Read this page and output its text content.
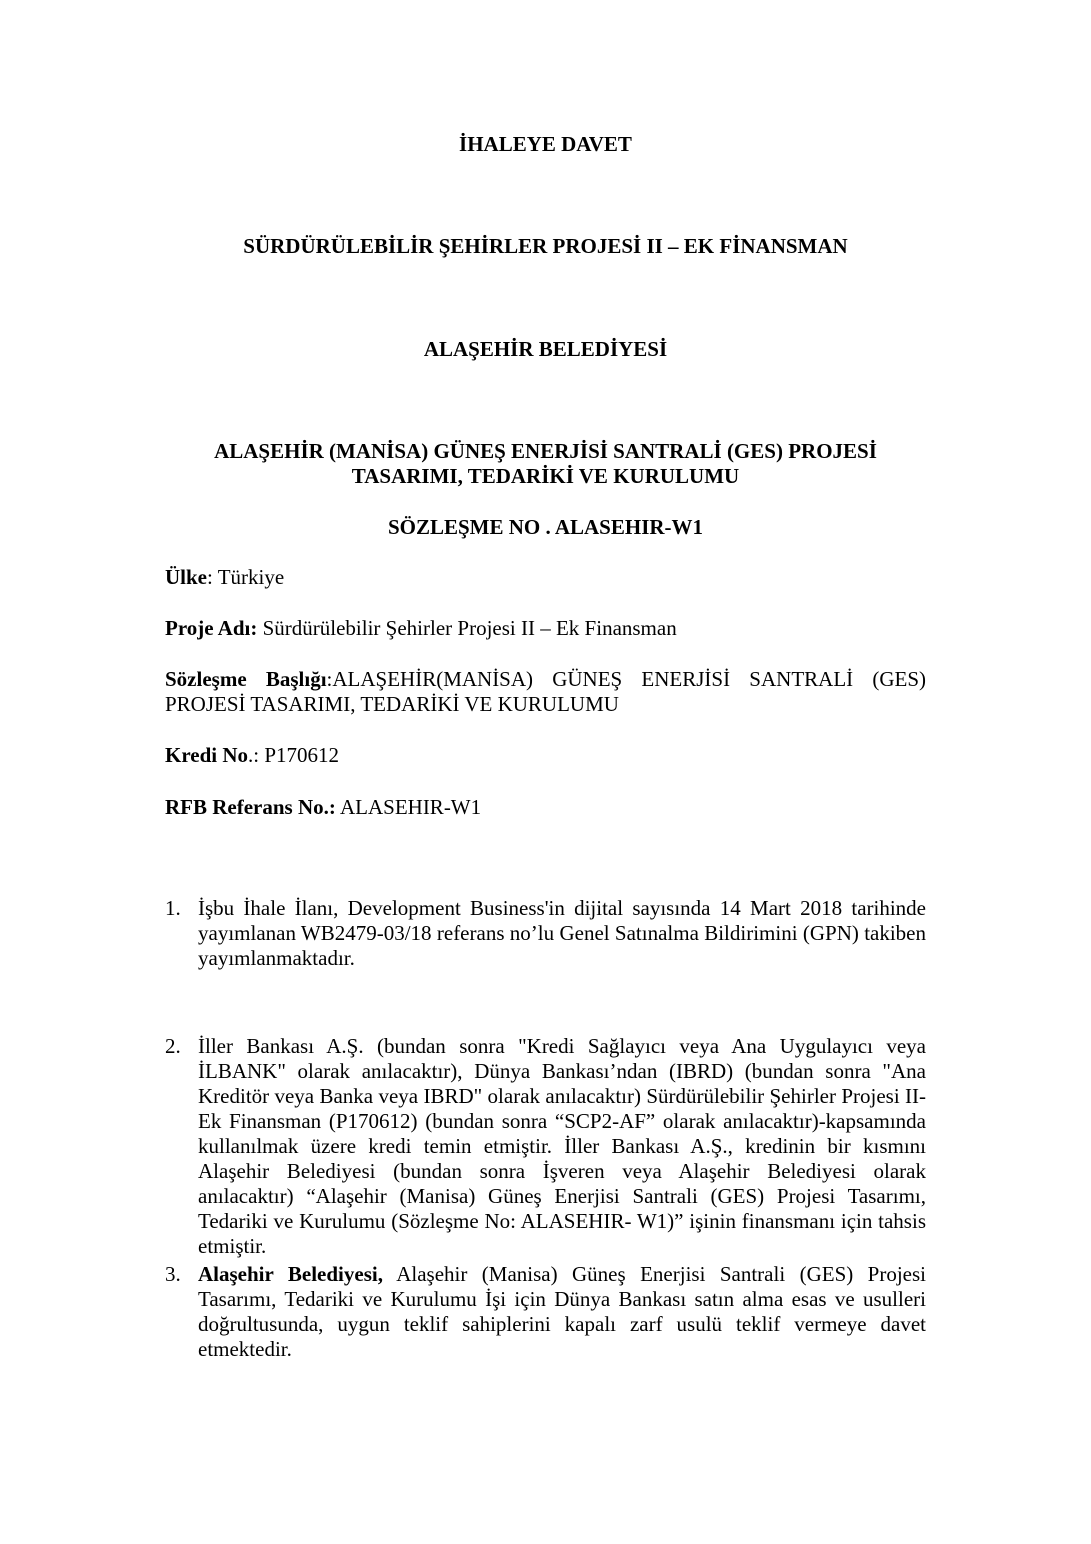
İHALEYE DAVET
SÜRDÜRÜLEBİLİR ŞEHİRLER PROJESİ II – EK FİNANSMAN
ALAŞEHİR BELEDİYESİ
ALAŞEHİR (MANİSA) GÜNEŞ ENERJİSİ SANTRALİ (GES) PROJESİ
TASARIMI, TEDARİKİ VE KURULUMU
SÖZLEŞME NO . ALASEHIR-W1
Ülke: Türkiye
Proje Adı: Sürdürülebilir Şehirler Projesi II – Ek Finansman
Sözleşme Başlığı:ALAŞEHİR(MANİSA) GÜNEŞ ENERJİSİ SANTRALİ (GES) PROJESİ TASARIMI, TEDARİKİ VE KURULUMU
Kredi No.: P170612
RFB Referans No.: ALASEHIR-W1
1. İşbu İhale İlanı, Development Business'in dijital sayısında 14 Mart 2018 tarihinde yayımlanan WB2479-03/18 referans no’lu Genel Satınalma Bildirimini (GPN) takiben yayımlanmaktadır.
2. İller Bankası A.Ş. (bundan sonra "Kredi Sağlayıcı veya Ana Uygulayıcı veya İLBANK" olarak anılacaktır), Dünya Bankası’ndan (IBRD) (bundan sonra "Ana Kreditör veya Banka veya IBRD" olarak anılacaktır) Sürdürülebilir Şehirler Projesi II-Ek Finansman (P170612) (bundan sonra “SCP2-AF” olarak anılacaktır)-kapsamında kullanılmak üzere kredi temin etmiştir. İller Bankası A.Ş., kredinin bir kısmını Alaşehir Belediyesi (bundan sonra İşveren veya Alaşehir Belediyesi olarak anılacaktır) “Alaşehir (Manisa) Güneş Enerjisi Santrali (GES) Projesi Tasarımı, Tedariki ve Kurulumu (Sözleşme No: ALASEHIR- W1)” işinin finansmanı için tahsis etmiştir.
3. Alaşehir Belediyesi, Alaşehir (Manisa) Güneş Enerjisi Santrali (GES) Projesi Tasarımı, Tedariki ve Kurulumu İşi için Dünya Bankası satın alma esas ve usulleri doğrultusunda, uygun teklif sahiplerini kapalı zarf usulü teklif vermeye davet etmektedir.
